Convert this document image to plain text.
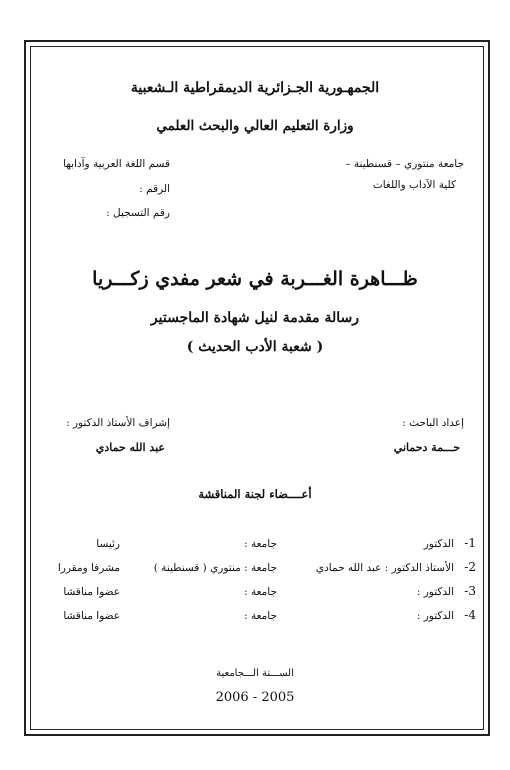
الجمهـورية الجـزائرية الديمقراطية الـشعبية
وزارة التعليم العالي والبحث العلمي
جامعة منتوري – قسنطينة –
كلية الآداب واللغات
قسم اللغة العربية وآدابها
الرقم :
رقم التسجيل :
ظـــاهرة الغـــربة في شعر مفدي زكـــريا
رسالة مقدمة لنيل شهادة الماجستير
( شعبة الأدب الحديث )
إعداد الباحث :
حـــمة دحماني
إشراف الأستاذ الدكتور :
عبد الله حمادي
أعــــضاء لجنة المناقشة
1-
الدكتور
جامعة :
رئيسا
2-
الأستاذ الدكتور : عبد الله حمادي
جامعة : منتوري ( قسنطينة )
مشرفا ومقررا
3-
الدكتور :
جامعة :
عضوا مناقشا
4-
الدكتور :
جامعة :
عضوا مناقشا
الســـنة الـــجامعية
2006 - 2005
